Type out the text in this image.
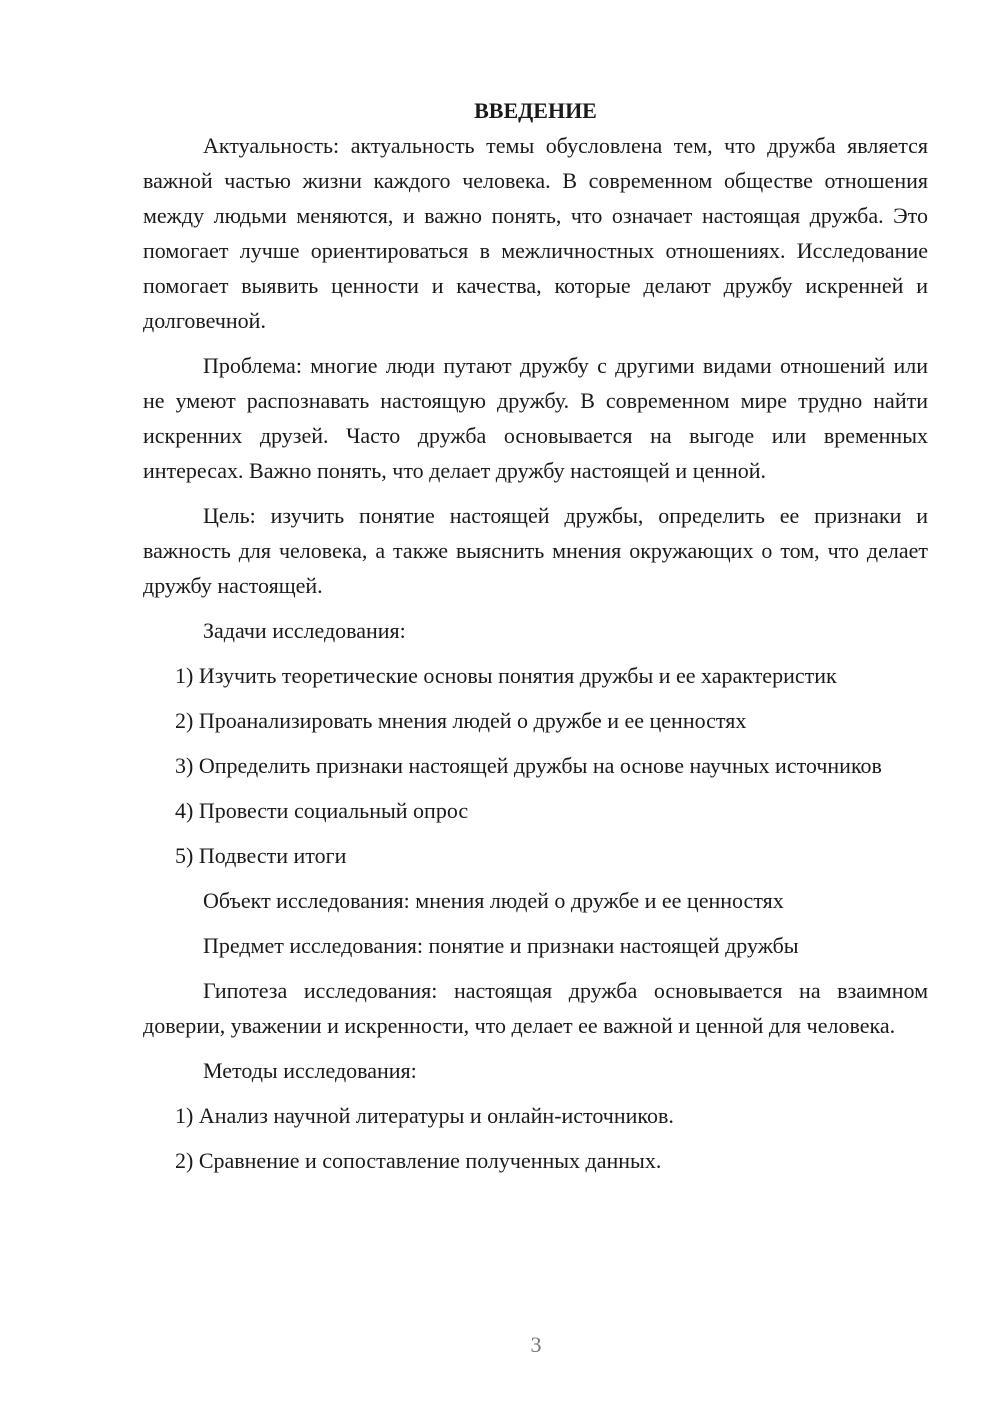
ВВЕДЕНИЕ

Актуальность: актуальность темы обусловлена тем, что дружба является важной частью жизни каждого человека. В современном обществе отношения между людьми меняются, и важно понять, что означает настоящая дружба. Это помогает лучше ориентироваться в межличностных отношениях. Исследование помогает выявить ценности и качества, которые делают дружбу искренней и долговечной.

Проблема: многие люди путают дружбу с другими видами отношений или не умеют распознавать настоящую дружбу. В современном мире трудно найти искренних друзей. Часто дружба основывается на выгоде или временных интересах. Важно понять, что делает дружбу настоящей и ценной.

Цель: изучить понятие настоящей дружбы, определить ее признаки и важность для человека, а также выяснить мнения окружающих о том, что делает дружбу настоящей.

Задачи исследования:

1) Изучить теоретические основы понятия дружбы и ее характеристик

2) Проанализировать мнения людей о дружбе и ее ценностях

3) Определить признаки настоящей дружбы на основе научных источников

4) Провести социальный опрос

5) Подвести итоги

Объект исследования: мнения людей о дружбе и ее ценностях

Предмет исследования: понятие и признаки настоящей дружбы

Гипотеза исследования: настоящая дружба основывается на взаимном доверии, уважении и искренности, что делает ее важной и ценной для человека.

Методы исследования:

1) Анализ научной литературы и онлайн-источников.

2) Сравнение и сопоставление полученных данных.

3
